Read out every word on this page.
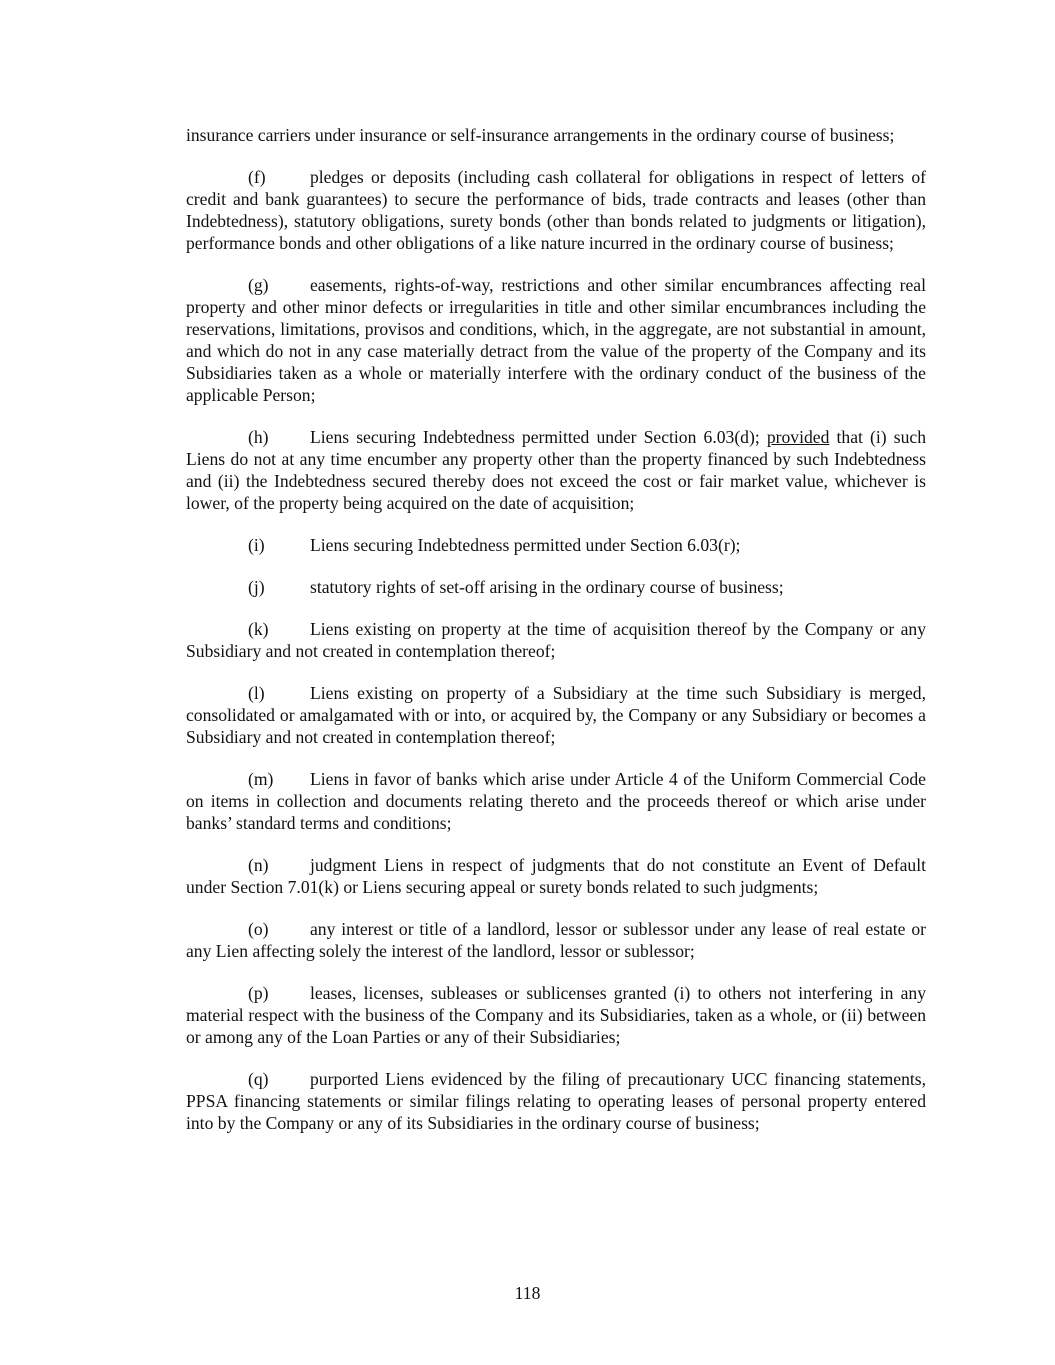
insurance carriers under insurance or self-insurance arrangements in the ordinary course of business;

(f)	pledges or deposits (including cash collateral for obligations in respect of letters of credit and bank guarantees) to secure the performance of bids, trade contracts and leases (other than Indebtedness), statutory obligations, surety bonds (other than bonds related to judgments or litigation), performance bonds and other obligations of a like nature incurred in the ordinary course of business;

(g) easements, rights-of-way, restrictions and other similar encumbrances affecting real property and other minor defects or irregularities in title and other similar encumbrances including the reservations, limitations, provisos and conditions, which, in the aggregate, are not substantial in amount, and which do not in any case materially detract from the value of the property of the Company and its Subsidiaries taken as a whole or materially interfere with the ordinary conduct of the business of the applicable Person;

(h) Liens securing Indebtedness permitted under Section 6.03(d); provided that (i) such Liens do not at any time encumber any property other than the property financed by such Indebtedness and (ii) the Indebtedness secured thereby does not exceed the cost or fair market value, whichever is lower, of the property being acquired on the date of acquisition;

(i)	Liens securing Indebtedness permitted under Section 6.03(r);

(j)	statutory rights of set-off arising in the ordinary course of business;

(k) Liens existing on property at the time of acquisition thereof by the Company or any Subsidiary and not created in contemplation thereof;

(l)	Liens existing on property of a Subsidiary at the time such Subsidiary is merged, consolidated or amalgamated with or into, or acquired by, the Company or any Subsidiary or becomes a Subsidiary and not created in contemplation thereof;

(m) Liens in favor of banks which arise under Article 4 of the Uniform Commercial Code on items in collection and documents relating thereto and the proceeds thereof or which arise under banks’ standard terms and conditions;

(n) judgment Liens in respect of judgments that do not constitute an Event of Default under Section 7.01(k) or Liens securing appeal or surety bonds related to such judgments;

(o) any interest or title of a landlord, lessor or sublessor under any lease of real estate or any Lien affecting solely the interest of the landlord, lessor or sublessor;

(p) leases, licenses, subleases or sublicenses granted (i) to others not interfering in any material respect with the business of the Company and its Subsidiaries, taken as a whole, or (ii) between or among any of the Loan Parties or any of their Subsidiaries;

(q) purported Liens evidenced by the filing of precautionary UCC financing statements, PPSA financing statements or similar filings relating to operating leases of personal property entered into by the Company or any of its Subsidiaries in the ordinary course of business;

118
